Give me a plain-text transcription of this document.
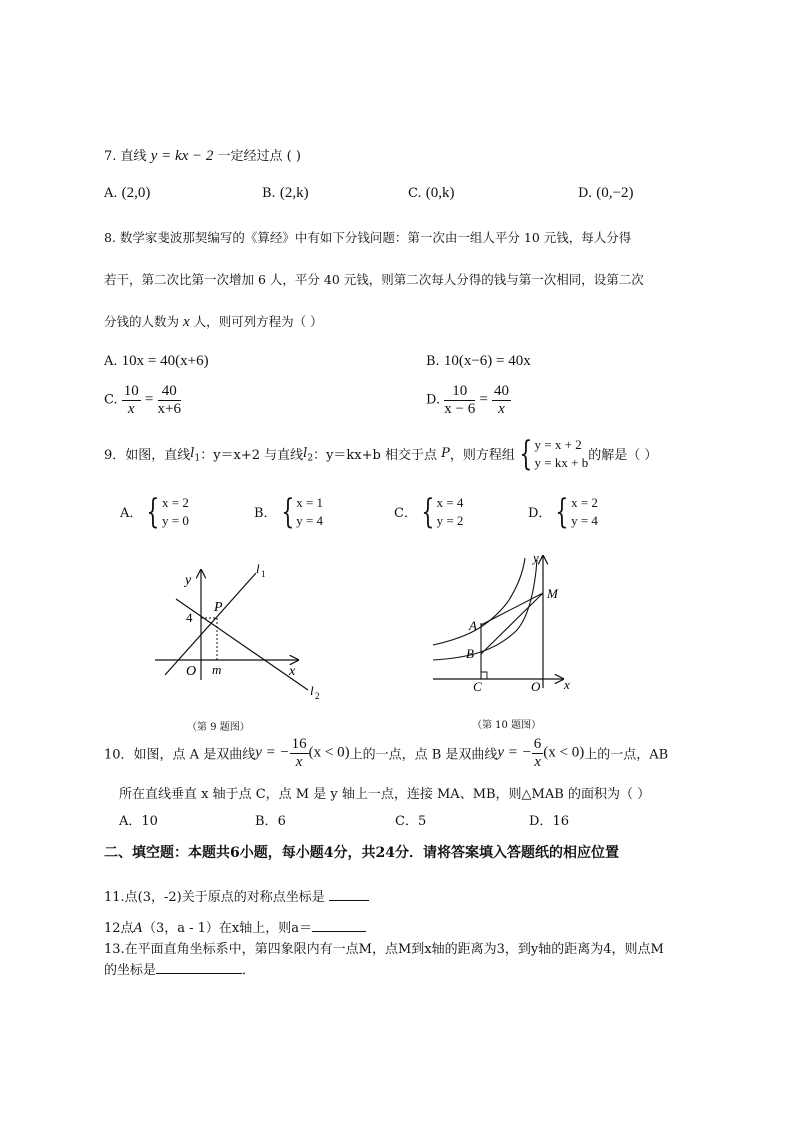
7. 直线 y = kx − 2 一定经过点 ( )
A. (2,0)	B. (2,k)	C. (0,k)	D. (0,−2)
8. 数学家斐波那契编写的《算经》中有如下分钱问题：第一次由一组人平分 10 元钱，每人分得
若干，第二次比第一次增加 6 人，平分 40 元钱，则第二次每人分得的钱与第一次相同，设第二次
分钱的人数为 x 人，则可列方程为（ ）
A. 10x = 40(x+6)	B. 10(x−6) = 40x
C. $\frac{10}{x} = \frac{40}{x+6}$	D. $\frac{10}{x - 6} = \frac{40}{x}$
9．如图，直线$l_1$：y＝x+2 与直线$l_2$：y＝kx+b 相交于点 P，则方程组 { y = x + 2
y = kx + b 的解是（ ）
A． { x = 2
y = 0	B． { x = 1
y = 4	C． { x = 4
y = 2	D． { x = 2
y = 4
y
x
O m
4
P
l 1
l 2
（第 9 题图）
y
x
O
A
B
C
M
（第 10 题图）
10．如图，点 A 是双曲线y = − $\frac{16}{x} (x < 0)$上的一点，点 B 是双曲线y = − $\frac{6}{x} (x < 0)$上的一点，AB
所在直线垂直 x 轴于点 C，点 M 是 y 轴上一点，连接 MA、MB，则△MAB 的面积为（ ）
A．10	B．6	C．5	D．16
二、填空题：本题共6小题，每小题4分，共24分．请将答案填入答题纸的相应位置
11.点(3，-2)关于原点的对称点坐标是
12点A（3，a - 1）在x轴上，则a＝
13.在平面直角坐标系中，第四象限内有一点M，点M到x轴的距离为3，到y轴的距离为4，则点M
的坐标是	．
